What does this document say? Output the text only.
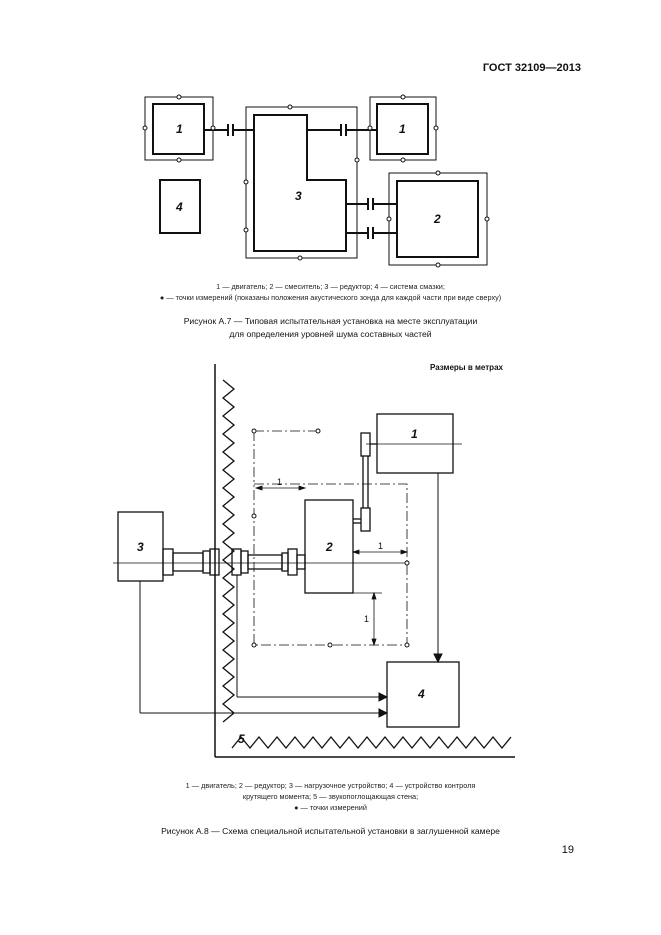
ГОСТ 32109—2013
1	1
3
2
4
Размеры в метрах
1
2
3
4
5
1
1
1
1 — двигатель; 2 — смеситель; 3 — редуктор; 4 — система смазки;
● — точки измерений (показаны положения акустического зонда для каждой части при виде сверху)
Рисунок А.7 — Типовая испытательная установка на месте эксплуатации
для определения уровней шума составных частей
1 — двигатель; 2 — редуктор; 3 — нагрузочное устройство; 4 — устройство контроля
крутящего момента; 5 — звукопоглощающая стена;
● — точки измерений
Рисунок А.8 — Схема специальной испытательной установки в заглушенной камере
19
